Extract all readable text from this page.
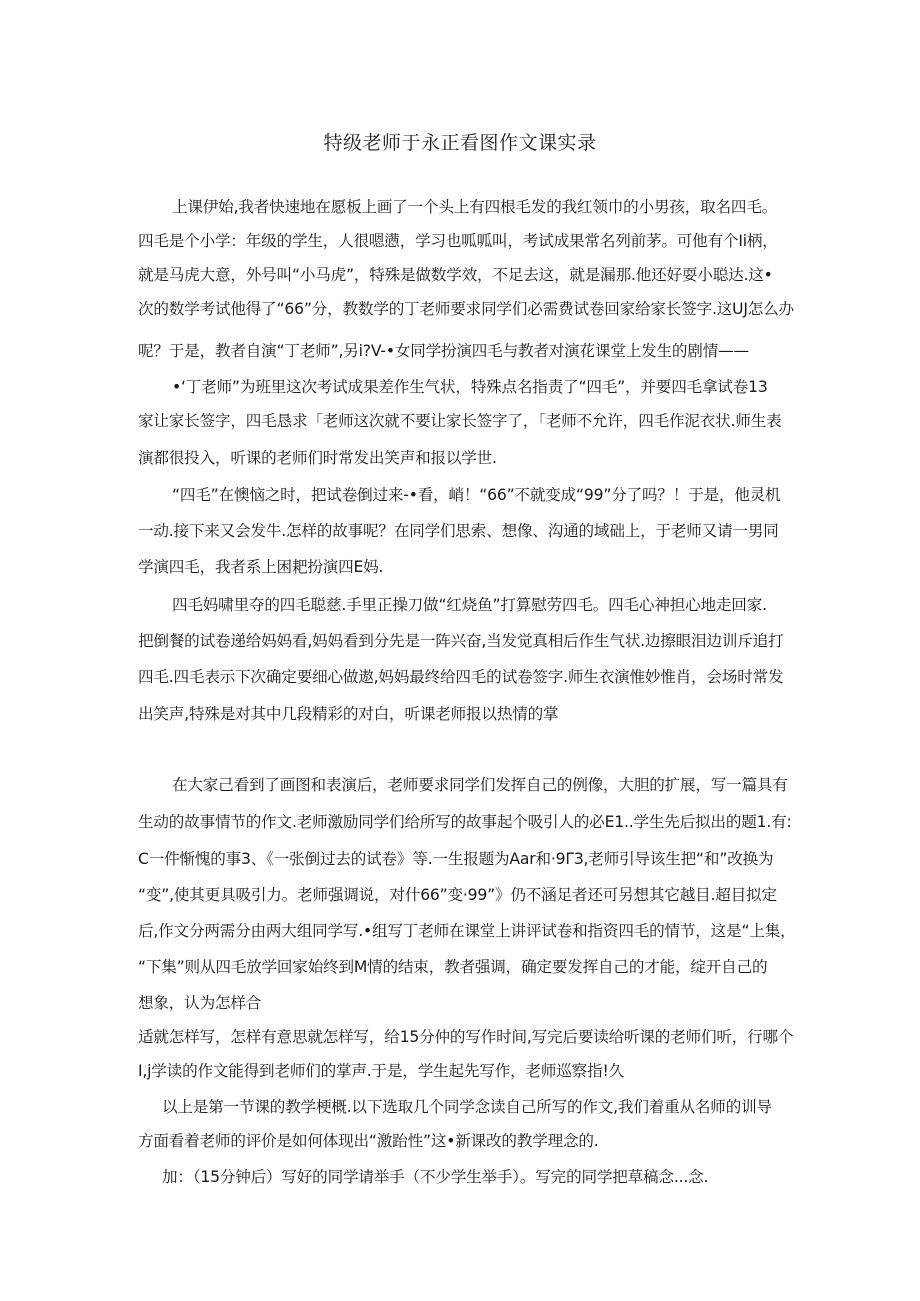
特级老师于永正看图作文课实录
上课伊始,我者快速地在愿板上画了一个头上有四根毛发的我红领巾的小男孩，取名四毛。
四毛是个小学：年级的学生，人很嗯懑，学习也呱呱叫，考试成果常名列前茅。可他有个Ii柄，
就是马虎大意，外号叫“小马虎”，特殊是做数学效，不足去这，就是漏那.他还好耍小聪达.这•
次的数学考试他得了“66”分，教数学的丁老师要求同学们必需费试卷回家给家长签字.这UJ怎么办
呢？于是，教者自演“丁老师”,另i?V-•女同学扮演四毛与教者对演花课堂上发生的剧情——
•‘丁老师”为班里这次考试成果差作生气状，特殊点名指责了“四毛”，并要四毛拿试卷13
家让家长签字，四毛恳求「老师这次就不要让家长签字了，「老师不允许，四毛作泥衣状.师生表
演都很投入，听课的老师们时常发出笑声和报以学世.
“四毛”在懊恼之时，把试卷倒过来-•看，峭！“66”不就变成“99”分了吗？！于是，他灵机
一动.接下来又会发牛.怎样的故事呢？在同学们思索、想像、沟通的域础上，于老师又请一男同
学演四毛，我者系上困耙扮演四E妈.
四毛妈啸里夺的四毛聪慈.手里正操刀做“红烧鱼”打算慰劳四毛。四毛心神担心地走回家.
把倒餐的试卷递给妈妈看,妈妈看到分先是一阵兴奋,当发觉真相后作生气状.边擦眼泪边训斥追打
四毛.四毛表示下次确定要细心做遨,妈妈最终给四毛的试卷签字.师生衣演惟妙惟肖，会场时常发
出笑声,特殊是对其中几段精彩的对白，听课老师报以热情的掌
在大家己看到了画图和表演后，老师要求同学们发挥自己的例像，大胆的扩展，写一篇具有
生动的故事情节的作文.老师激励同学们给所写的故事起个吸引人的必E1..学生先后拟出的题1.有:
C一件惭愧的事3、《一张倒过去的试卷》等.一生报题为Aar和·9Γ3,老师引导该生把“和”改换为
“变”,使其更具吸引力。老师强调说，对什66”变·99”》仍不涵足者还可另想其它越目.超目拟定
后,作文分两需分由两大组同学写.•组写丁老师在课堂上讲评试卷和指资四毛的情节，这是“上集，
“下集”则从四毛放学回家始终到M情的结束，教者强调，确定要发挥自己的才能，绽开自己的
想象，认为怎样合
适就怎样写，怎样有意思就怎样写，给15分仲的写作时间,写完后要读给听课的老师们听，行哪个
I,j学读的作文能得到老师们的掌声.于是，学生起先写作，老师巡察指!久
以上是第一节课的教学梗概.以下选取几个同学念读自己所写的作文,我们着重从名师的训导
方面看着老师的评价是如何体现出“激跆性”这•新课改的教学理念的.
加：（15分钟后）写好的同学请举手（不少学生举手）。写完的同学把草稿念...念.
